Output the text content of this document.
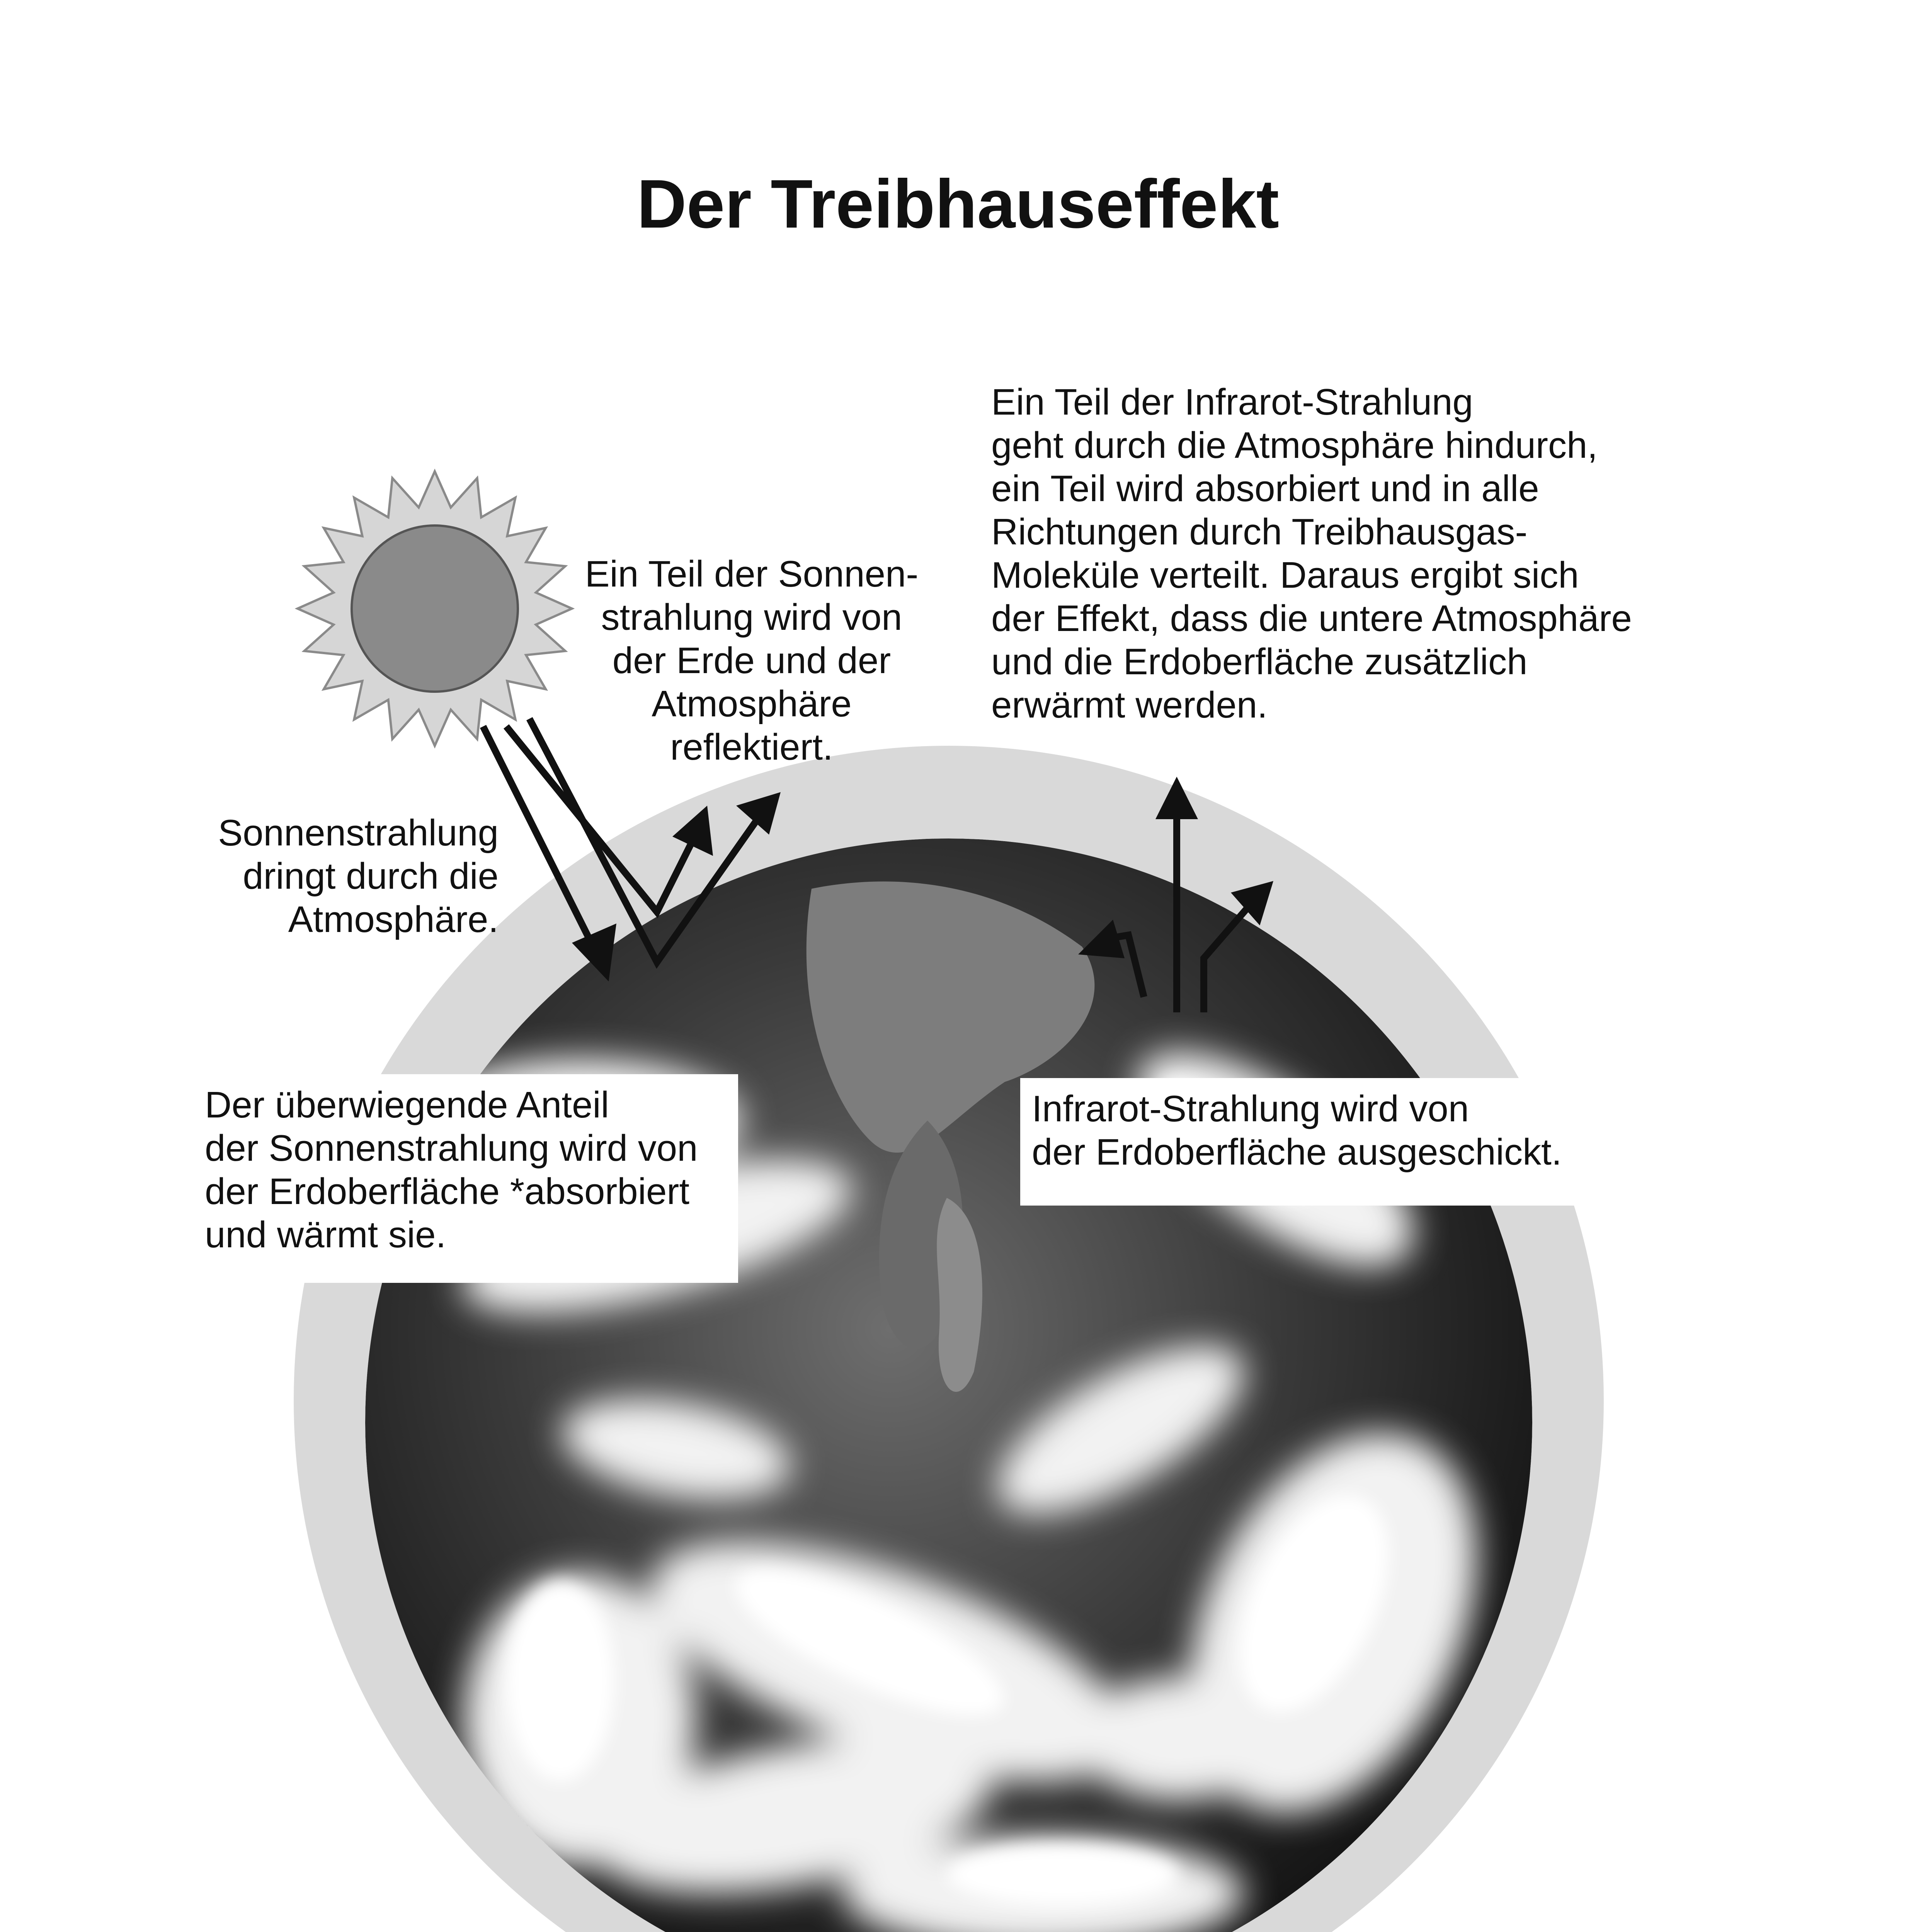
Der Treibhauseffekt

Sonnenstrahlung
dringt durch die
Atmosphäre.

Ein Teil der Sonnen-
strahlung wird von
der Erde und der
Atmosphäre
reflektiert.

Ein Teil der Infrarot-Strahlung
geht durch die Atmosphäre hindurch,
ein Teil wird absorbiert und in alle
Richtungen durch Treibhausgas-
Moleküle verteilt. Daraus ergibt sich
der Effekt, dass die untere Atmosphäre
und die Erdoberfläche zusätzlich
erwärmt werden.

Der überwiegende Anteil
der Sonnenstrahlung wird von
der Erdoberfläche *absorbiert
und wärmt sie.
Infrarot-Strahlung wird von
der Erdoberfläche ausgeschickt.
